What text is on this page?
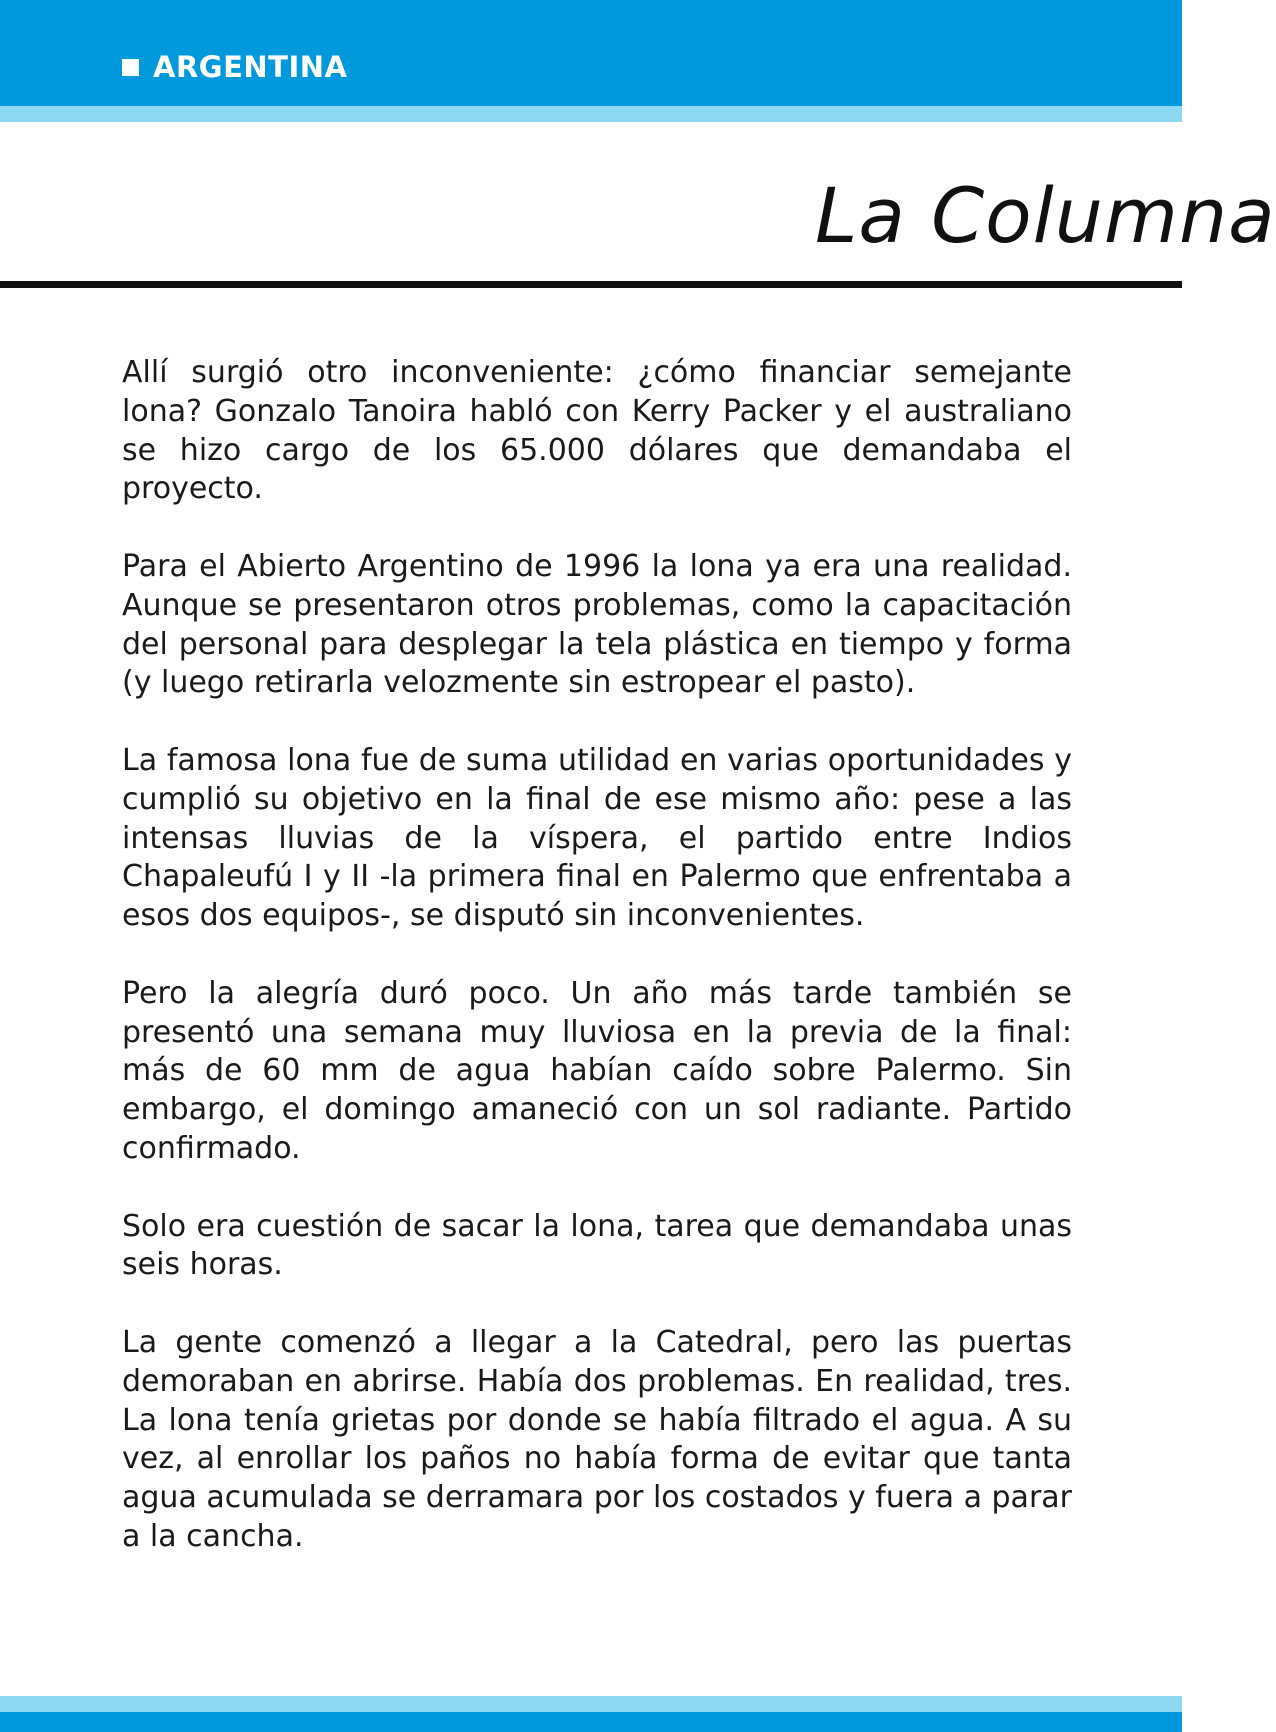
ARGENTINA
La Columna

Allí surgió otro inconveniente: ¿cómo financiar semejante lona? Gonzalo Tanoira habló con Kerry Packer y el australiano se hizo cargo de los 65.000 dólares que demandaba el proyecto.

Para el Abierto Argentino de 1996 la lona ya era una realidad. Aunque se presentaron otros problemas, como la capacitación del personal para desplegar la tela plástica en tiempo y forma (y luego retirarla velozmente sin estropear el pasto).

La famosa lona fue de suma utilidad en varias oportunidades y cumplió su objetivo en la final de ese mismo año: pese a las intensas lluvias de la víspera, el partido entre Indios Chapaleufú I y II -la primera final en Palermo que enfrentaba a esos dos equipos-, se disputó sin inconvenientes.

Pero la alegría duró poco. Un año más tarde también se presentó una semana muy lluviosa en la previa de la final: más de 60 mm de agua habían caído sobre Palermo. Sin embargo, el domingo amaneció con un sol radiante. Partido confirmado.

Solo era cuestión de sacar la lona, tarea que demandaba unas seis horas.

La gente comenzó a llegar a la Catedral, pero las puertas demoraban en abrirse. Había dos problemas. En realidad, tres. La lona tenía grietas por donde se había filtrado el agua. A su vez, al enrollar los paños no había forma de evitar que tanta agua acumulada se derramara por los costados y fuera a parar a la cancha.
